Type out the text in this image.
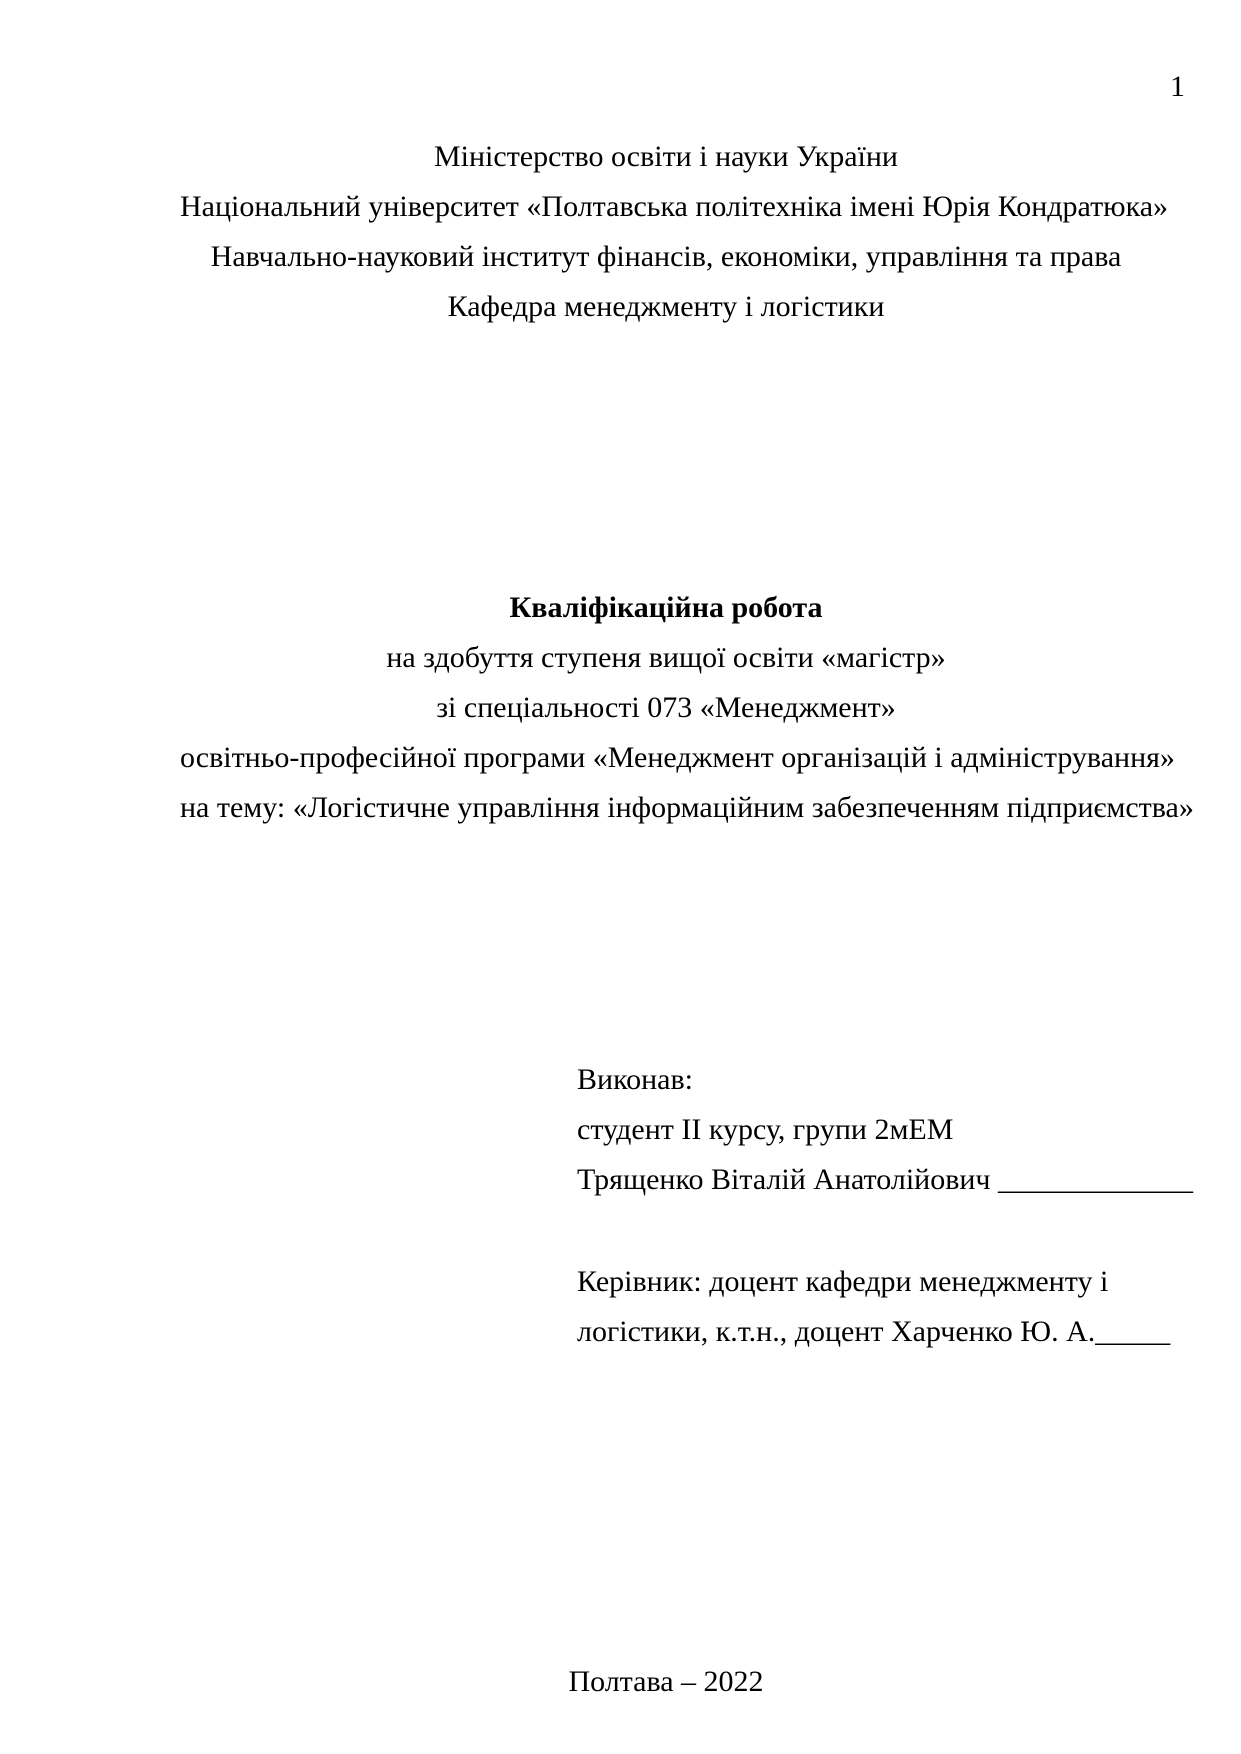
1
Міністерство освіти і науки України
Національний університет «Полтавська політехніка імені Юрія Кондратюка»
Навчально-науковий інститут фінансів, економіки, управління та права
Кафедра менеджменту і логістики
Кваліфікаційна робота
на здобуття ступеня вищої освіти «магістр»
зі спеціальності 073 «Менеджмент»
освітньо-професійної програми «Менеджмент організацій і адміністрування»
на тему: «Логістичне управління інформаційним забезпеченням підприємства»
Виконав:
студент ІІ курсу, групи 2мЕМ
Трященко Віталій Анатолійович _____________
Керівник: доцент кафедри менеджменту і
логістики, к.т.н., доцент Харченко Ю. А._____
Полтава – 2022
